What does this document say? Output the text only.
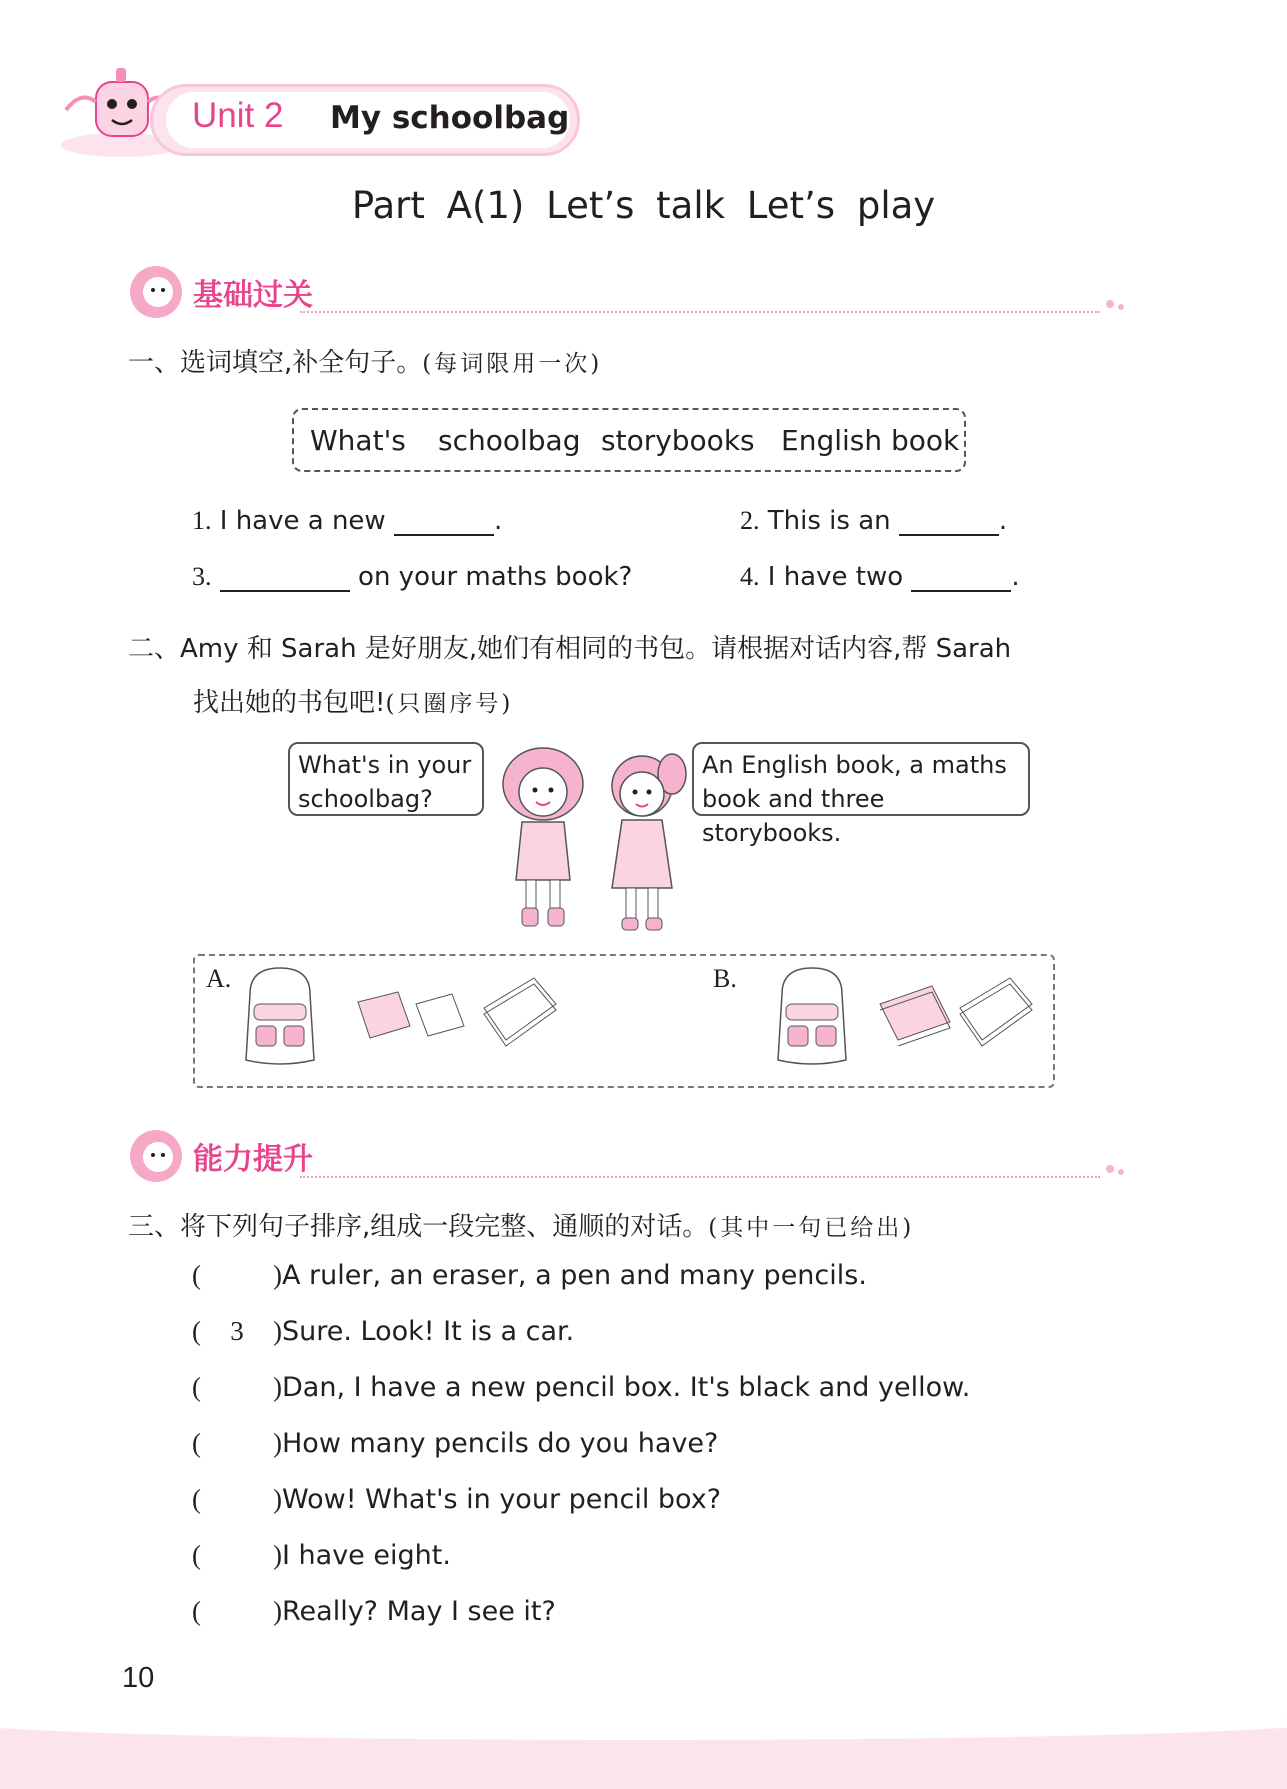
Unit 2 My schoolbag
Part A(1) Let’s talk Let’s play
基础过关
一、选词填空,补全句子。(每词限用一次)
What's schoolbag storybooks English book
1. I have a new	.	2. This is an	.
3.	on your maths book?	4. I have two	.
二、Amy 和 Sarah 是好朋友,她们有相同的书包。请根据对话内容,帮 Sarah
找出她的书包吧!(只圈序号)
What's in your
schoolbag?
An English book, a maths
book and three storybooks.
A.	B.
能力提升
三、将下列句子排序,组成一段完整、通顺的对话。(其中一句已给出)
(	)A ruler, an eraser, a pen and many pencils.
( 3 )Sure. Look! It is a car.
(	)Dan, I have a new pencil box. It's black and yellow.
(	)How many pencils do you have?
(	)Wow! What's in your pencil box?
(	)I have eight.
(	)Really? May I see it?
10
